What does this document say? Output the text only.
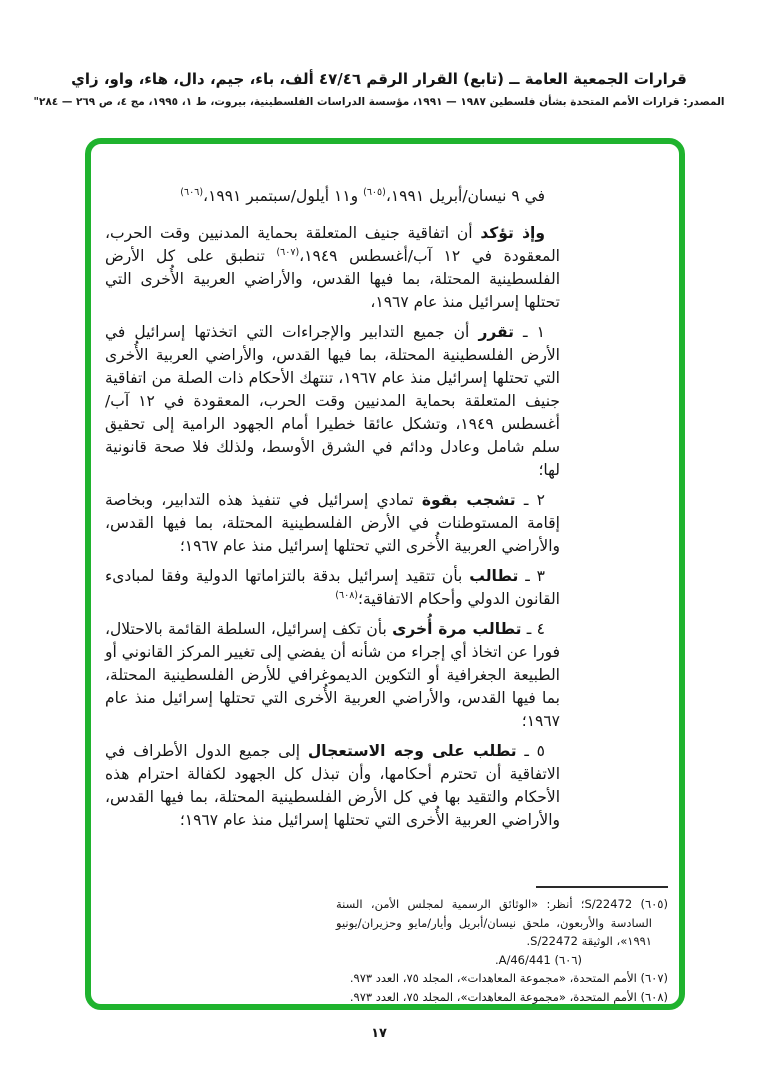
قرارات الجمعية العامة ــ (تابع) القرار الرقم ٤٧/٤٦ ألف، باء، جيم، دال، هاء، واو، زاي
المصدر: قرارات الأمم المتحدة بشأن فلسطين ١٩٨٧ — ١٩٩١، مؤسسة الدراسات الفلسطينية، بيروت، ط ١، ١٩٩٥، مج ٤، ص ٢٦٩ — ٢٨٤"

في ٩ نيسان/أبريل ١٩٩١،$^{(٦٠٥)}$ و١١ أيلول/سبتمبر ١٩٩١،$^{(٦٠٦)}$

وإذ تؤكد أن اتفاقية جنيف المتعلقة بحماية المدنيين وقت الحرب، المعقودة في ١٢ آب/أغسطس ١٩٤٩،$^{(٦٠٧)}$ تنطبق على كل الأرض الفلسطينية المحتلة، بما فيها القدس، والأراضي العربية الأُخرى التي تحتلها إسرائيل منذ عام ١٩٦٧،

١ ـ تقرر أن جميع التدابير والإجراءات التي اتخذتها إسرائيل في الأرض الفلسطينية المحتلة، بما فيها القدس، والأراضي العربية الأُخرى التي تحتلها إسرائيل منذ عام ١٩٦٧، تنتهك الأحكام ذات الصلة من اتفاقية جنيف المتعلقة بحماية المدنيين وقت الحرب، المعقودة في ١٢ آب/أغسطس ١٩٤٩، وتشكل عائقا خطيرا أمام الجهود الرامية إلى تحقيق سلم شامل وعادل ودائم في الشرق الأوسط، ولذلك فلا صحة قانونية لها؛

٢ ـ تشجب بقوة تمادي إسرائيل في تنفيذ هذه التدابير، وبخاصة إقامة المستوطنات في الأرض الفلسطينية المحتلة، بما فيها القدس، والأراضي العربية الأُخرى التي تحتلها إسرائيل منذ عام ١٩٦٧؛

٣ ـ تطالب بأن تتقيد إسرائيل بدقة بالتزاماتها الدولية وفقا لمبادىء القانون الدولي وأحكام الاتفاقية؛$^{(٦٠٨)}$

٤ ـ تطالب مرة أُخرى بأن تكف إسرائيل، السلطة القائمة بالاحتلال، فورا عن اتخاذ أي إجراء من شأنه أن يفضي إلى تغيير المركز القانوني أو الطبيعة الجغرافية أو التكوين الديموغرافي للأرض الفلسطينية المحتلة، بما فيها القدس، والأراضي العربية الأُخرى التي تحتلها إسرائيل منذ عام ١٩٦٧؛

٥ ـ تطلب على وجه الاستعجال إلى جميع الدول الأطراف في الاتفاقية أن تحترم أحكامها، وأن تبذل كل الجهود لكفالة احترام هذه الأحكام والتقيد بها في كل الأرض الفلسطينية المحتلة، بما فيها القدس، والأراضي العربية الأُخرى التي تحتلها إسرائيل منذ عام ١٩٦٧؛

(٦٠٥) S/22472؛ أنظر: «الوثائق الرسمية لمجلس الأمن، السنة السادسة والأربعون، ملحق نيسان/أبريل وأيار/مايو وحزيران/يونيو ١٩٩١»، الوثيقة S/22472.

(٦٠٦) A/46/441.

(٦٠٧) الأمم المتحدة، «مجموعة المعاهدات»، المجلد ٧٥، العدد ٩٧٣.

(٦٠٨) الأمم المتحدة، «مجموعة المعاهدات»، المجلد ٧٥، العدد ٩٧٣.

١٧
